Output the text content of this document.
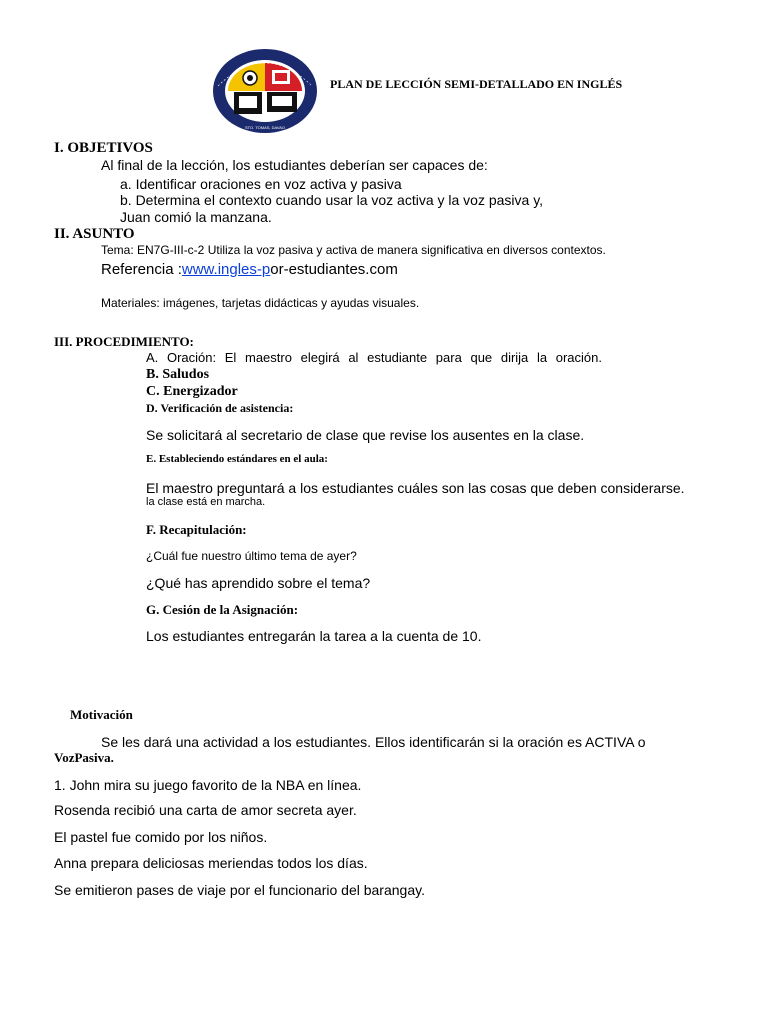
STO. TOMAS, DAVAO
PLAN DE LECCIÓN SEMI-DETALLADO EN INGLÉS
I. OBJETIVOS
Al final de la lección, los estudiantes deberían ser capaces de:
a. Identificar oraciones en voz activa y pasiva
b. Determina el contexto cuando usar la voz activa y la voz pasiva y,
Juan comió la manzana.
II. ASUNTO
Tema: EN7G-III-c-2 Utiliza la voz pasiva y activa de manera significativa en diversos contextos.
Referencia :www.ingles-por-estudiantes.com
Materiales: imágenes, tarjetas didácticas y ayudas visuales.
III. PROCEDIMIENTO:
A. Oración: El maestro elegirá al estudiante para que dirija la oración.
B. Saludos
C. Energizador
D. Verificación de asistencia:
Se solicitará al secretario de clase que revise los ausentes en la clase.
E. Estableciendo estándares en el aula:
El maestro preguntará a los estudiantes cuáles son las cosas que deben considerarse.
la clase está en marcha.
F. Recapitulación:
¿Cuál fue nuestro último tema de ayer?
¿Qué has aprendido sobre el tema?
G. Cesión de la Asignación:
Los estudiantes entregarán la tarea a la cuenta de 10.
Motivación
Se les dará una actividad a los estudiantes. Ellos identificarán si la oración es ACTIVA o
VozPasiva.
1. John mira su juego favorito de la NBA en línea.
Rosenda recibió una carta de amor secreta ayer.
El pastel fue comido por los niños.
Anna prepara deliciosas meriendas todos los días.
Se emitieron pases de viaje por el funcionario del barangay.
